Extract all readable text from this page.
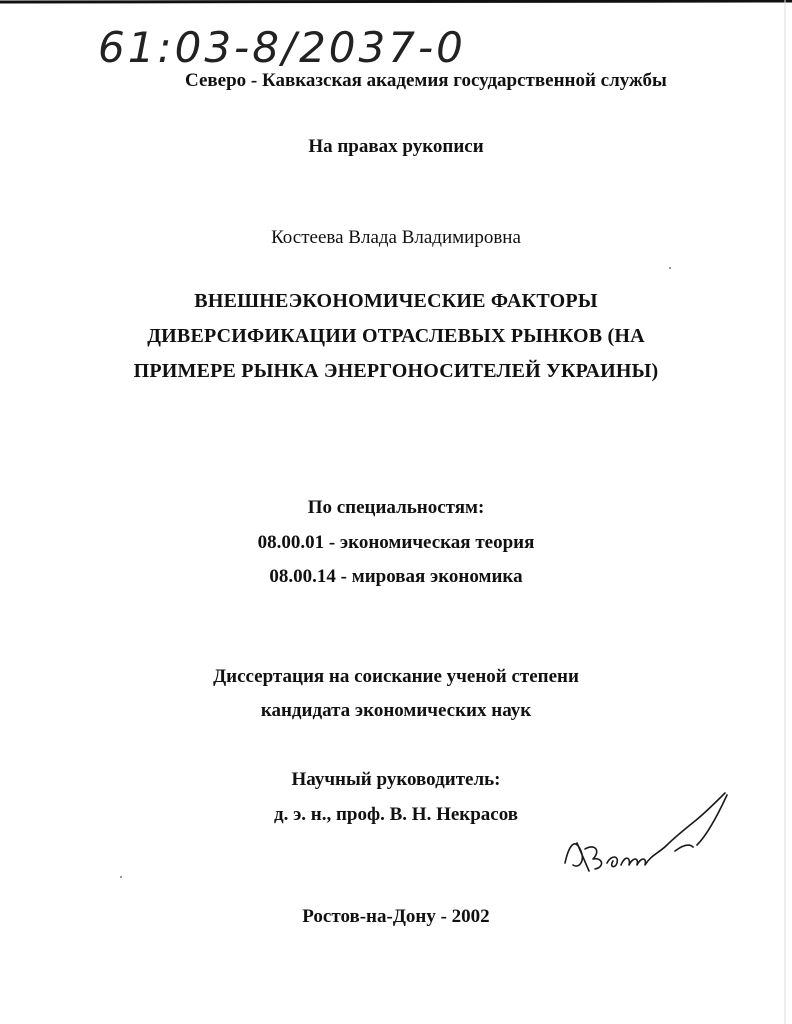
61:03-8/2037-0
Северо - Кавказская академия государственной службы
На правах рукописи
Костеева Влада Владимировна
ВНЕШНЕЭКОНОМИЧЕСКИЕ ФАКТОРЫ
ДИВЕРСИФИКАЦИИ ОТРАСЛЕВЫХ РЫНКОВ (НА
ПРИМЕРЕ РЫНКА ЭНЕРГОНОСИТЕЛЕЙ УКРАИНЫ)
По специальностям:
08.00.01 - экономическая теория
08.00.14 - мировая экономика
Диссертация на соискание ученой степени
кандидата экономических наук
Научный руководитель:
д. э. н., проф. В. Н. Некрасов
Ростов-на-Дону - 2002
